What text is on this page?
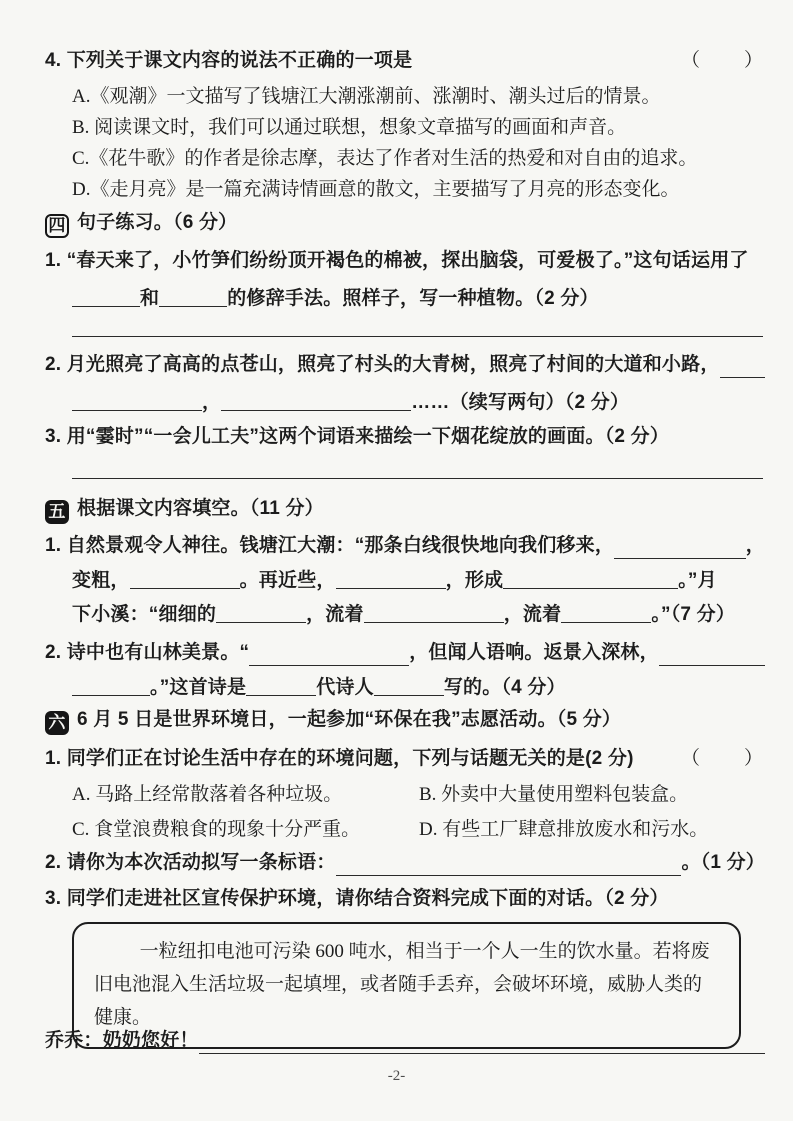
4. 下列关于课文内容的说法不正确的一项是	（　　）
A.《观潮》一文描写了钱塘江大潮涨潮前、涨潮时、潮头过后的情景。
B. 阅读课文时，我们可以通过联想，想象文章描写的画面和声音。
C.《花牛歌》的作者是徐志摩，表达了作者对生活的热爱和对自由的追求。
D.《走月亮》是一篇充满诗情画意的散文，主要描写了月亮的形态变化。
四 句子练习。（6 分）
1. “春天来了，小竹笋们纷纷顶开褐色的棉被，探出脑袋，可爱极了。”这句话运用了
和	的修辞手法。照样子，写一种植物。（2 分）
2. 月光照亮了高高的点苍山，照亮了村头的大青树，照亮了村间的大道和小路，
，	……（续写两句）（2 分）
3. 用“霎时”“一会儿工夫”这两个词语来描绘一下烟花绽放的画面。（2 分）
五 根据课文内容填空。（11 分）
1. 自然景观令人神往。钱塘江大潮：“那条白线很快地向我们移来，	，
变粗，	。再近些，	，形成	。”月
下小溪：“细细的	，流着	，流着	。”（7 分）
2. 诗中也有山林美景。“	，但闻人语响。返景入深林，
。”这首诗是	代诗人	写的。（4 分）
六 6 月 5 日是世界环境日，一起参加“环保在我”志愿活动。（5 分）
1. 同学们正在讨论生活中存在的环境问题，下列与话题无关的是(2 分) （　　）
A. 马路上经常散落着各种垃圾。	B. 外卖中大量使用塑料包装盒。
C. 食堂浪费粮食的现象十分严重。	D. 有些工厂肆意排放废水和污水。
2. 请你为本次活动拟写一条标语：	。（1 分）
3. 同学们走进社区宣传保护环境，请你结合资料完成下面的对话。（2 分）
一粒纽扣电池可污染 600 吨水，相当于一个人一生的饮水量。若将废旧电池混入生活垃圾一起填埋，或者随手丢弃，会破坏环境，威胁人类的健康。
乔乔：奶奶您好！
-2-
